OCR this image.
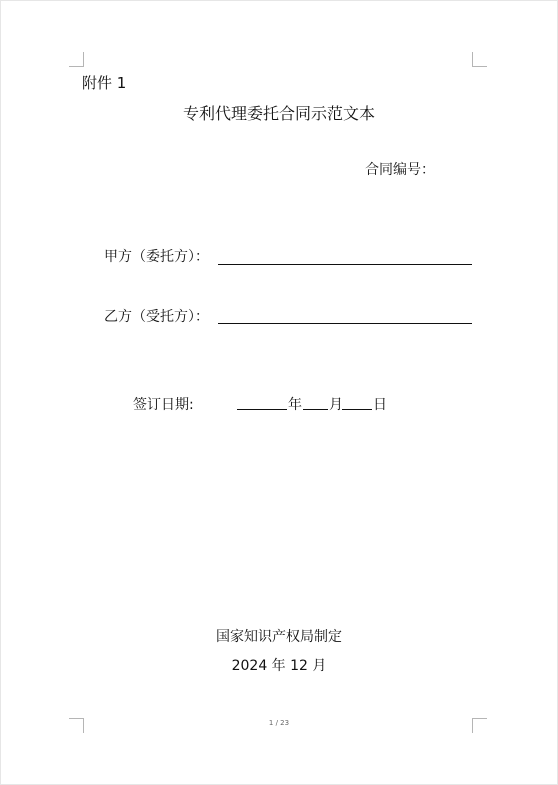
附件 1
专利代理委托合同示范文本
合同编号：
甲方（委托方）：
乙方（受托方）：
签订日期:	年 月 日
国家知识产权局制定
2024 年 12 月
1 / 23
